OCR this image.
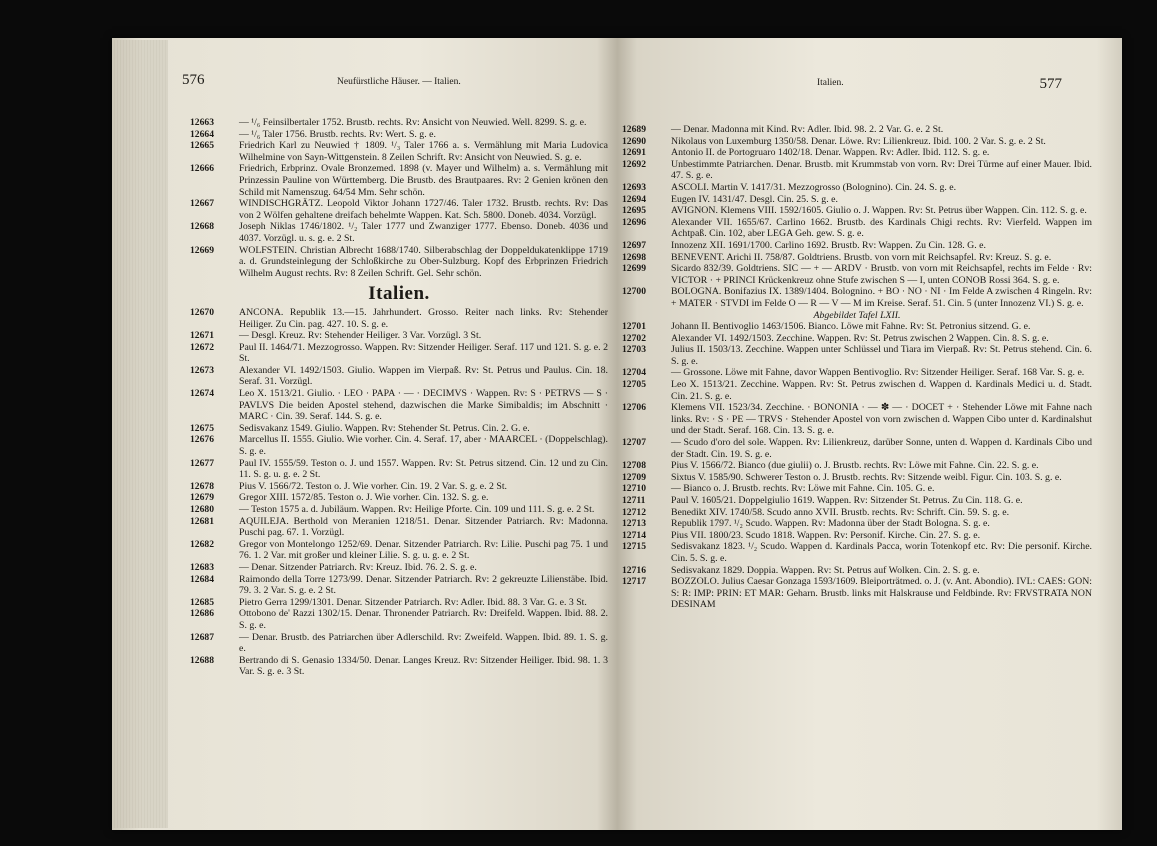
576	Neufürstliche Häuser. — Italien.
12663	— ¹/₆ Feinsilbertaler 1752. Brustb. rechts. Rv: Ansicht von Neuwied. Well. 8299. S. g. e.
12664	— ¹/₆ Taler 1756. Brustb. rechts. Rv: Wert. S. g. e.
12665	Friedrich Karl zu Neuwied † 1809. ¹/₃ Taler 1766 a. s. Vermählung mit Maria Ludovica Wilhelmine von Sayn-Wittgenstein. 8 Zeilen Schrift. Rv: Ansicht von Neuwied. S. g. e.
12666	Friedrich, Erbprinz. Ovale Bronzemed. 1898 (v. Mayer und Wilhelm) a. s. Vermählung mit Prinzessin Pauline von Württemberg. Die Brustb. des Brautpaares. Rv: 2 Genien krönen den Schild mit Namenszug. 64/54 Mm. Sehr schön.
12667	WINDISCHGRÄTZ. Leopold Viktor Johann 1727/46. Taler 1732. Brustb. rechts. Rv: Das von 2 Wölfen gehaltene dreifach behelmte Wappen. Kat. Sch. 5800. Doneb. 4034. Vorzügl.
12668	Joseph Niklas 1746/1802. ¹/₂ Taler 1777 und Zwanziger 1777. Ebenso. Doneb. 4036 und 4037. Vorzügl. u. s. g. e. 2 St.
12669	WOLFSTEIN. Christian Albrecht 1688/1740. Silberabschlag der Doppeldukatenklippe 1719 a. d. Grundsteinlegung der Schloßkirche zu Ober-Sulzburg. Kopf des Erbprinzen Friedrich Wilhelm August rechts. Rv: 8 Zeilen Schrift. Gel. Sehr schön.
Italien.
12670	ANCONA. Republik 13.—15. Jahrhundert. Grosso. Reiter nach links. Rv: Stehender Heiliger. Zu Cin. pag. 427. 10. S. g. e.
12671	— Desgl. Kreuz. Rv: Stehender Heiliger. 3 Var. Vorzügl. 3 St.
12672	Paul II. 1464/71. Mezzogrosso. Wappen. Rv: Sitzender Heiliger. Seraf. 117 und 121. S. g. e. 2 St.
12673	Alexander VI. 1492/1503. Giulio. Wappen im Vierpaß. Rv: St. Petrus und Paulus. Cin. 18. Seraf. 31. Vorzügl.
12674	Leo X. 1513/21. Giulio. · LEO · PAPA · — · DECIMVS · Wappen. Rv: S · PETRVS — S · PAVLVS Die beiden Apostel stehend, dazwischen die Marke Simibaldis; im Abschnitt · MARC · Cin. 39. Seraf. 144. S. g. e.
12675	Sedisvakanz 1549. Giulio. Wappen. Rv: Stehender St. Petrus. Cin. 2. G. e.
12676	Marcellus II. 1555. Giulio. Wie vorher. Cin. 4. Seraf. 17, aber · MAARCEL · (Doppelschlag). S. g. e.
12677	Paul IV. 1555/59. Teston o. J. und 1557. Wappen. Rv: St. Petrus sitzend. Cin. 12 und zu Cin. 11. S. g. u. g. e. 2 St.
12678	Pius V. 1566/72. Teston o. J. Wie vorher. Cin. 19. 2 Var. S. g. e. 2 St.
12679	Gregor XIII. 1572/85. Teston o. J. Wie vorher. Cin. 132. S. g. e.
12680	— Teston 1575 a. d. Jubiläum. Wappen. Rv: Heilige Pforte. Cin. 109 und 111. S. g. e. 2 St.
12681	AQUILEJA. Berthold von Meranien 1218/51. Denar. Sitzender Patriarch. Rv: Madonna. Puschi pag. 67. 1. Vorzügl.
12682	Gregor von Montelongo 1252/69. Denar. Sitzender Patriarch. Rv: Lilie. Puschi pag 75. 1 und 76. 1. 2 Var. mit großer und kleiner Lilie. S. g. u. g. e. 2 St.
12683	— Denar. Sitzender Patriarch. Rv: Kreuz. Ibid. 76. 2. S. g. e.
12684	Raimondo della Torre 1273/99. Denar. Sitzender Patriarch. Rv: 2 gekreuzte Lilienstäbe. Ibid. 79. 3. 2 Var. S. g. e. 2 St.
12685	Pietro Gerra 1299/1301. Denar. Sitzender Patriarch. Rv: Adler. Ibid. 88. 3 Var. G. e. 3 St.
12686	Ottobono de' Razzi 1302/15. Denar. Thronender Patriarch. Rv: Dreifeld. Wappen. Ibid. 88. 2. S. g. e.
12687	— Denar. Brustb. des Patriarchen über Adlerschild. Rv: Zweifeld. Wappen. Ibid. 89. 1. S. g. e.
12688	Bertrando di S. Genasio 1334/50. Denar. Langes Kreuz. Rv: Sitzender Heiliger. Ibid. 98. 1. 3 Var. S. g. e. 3 St.
577
Italien.
12689	— Denar. Madonna mit Kind. Rv: Adler. Ibid. 98. 2. 2 Var. G. e. 2 St.
12690	Nikolaus von Luxemburg 1350/58. Denar. Löwe. Rv: Lilienkreuz. Ibid. 100. 2 Var. S. g. e. 2 St.
12691	Antonio II. de Portogruaro 1402/18. Denar. Wappen. Rv: Adler. Ibid. 112. S. g. e.
12692	Unbestimmte Patriarchen. Denar. Brustb. mit Krummstab von vorn. Rv: Drei Türme auf einer Mauer. Ibid. 47. S. g. e.
12693	ASCOLI. Martin V. 1417/31. Mezzogrosso (Bolognino). Cin. 24. S. g. e.
12694	Eugen IV. 1431/47. Desgl. Cin. 25. S. g. e.
12695	AVIGNON. Klemens VIII. 1592/1605. Giulio o. J. Wappen. Rv: St. Petrus über Wappen. Cin. 112. S. g. e.
12696	Alexander VII. 1655/67. Carlino 1662. Brustb. des Kardinals Chigi rechts. Rv: Vierfeld. Wappen im Achtpaß. Cin. 102, aber LEGA Geh. gew. S. g. e.
12697	Innozenz XII. 1691/1700. Carlino 1692. Brustb. Rv: Wappen. Zu Cin. 128. G. e.
12698	BENEVENT. Arichi II. 758/87. Goldtriens. Brustb. von vorn mit Reichsapfel. Rv: Kreuz. S. g. e.
12699	Sicardo 832/39. Goldtriens. SIC — + — ARDV · Brustb. von vorn mit Reichsapfel, rechts im Felde · Rv: VICTOR · + PRINCI Krückenkreuz ohne Stufe zwischen S — I, unten CONOB Rossi 364. S. g. e.
12700	BOLOGNA. Bonifazius IX. 1389/1404. Bolognino. + BO · NO · NI · Im Felde A zwischen 4 Ringeln. Rv: + MATER · STVDI im Felde O — R — V — M im Kreise. Seraf. 51. Cin. 5 (unter Innozenz VI.) S. g. e.
Abgebildet Tafel LXII.
12701	Johann II. Bentivoglio 1463/1506. Bianco. Löwe mit Fahne. Rv: St. Petronius sitzend. G. e.
12702	Alexander VI. 1492/1503. Zecchine. Wappen. Rv: St. Petrus zwischen 2 Wappen. Cin. 8. S. g. e.
12703	Julius II. 1503/13. Zecchine. Wappen unter Schlüssel und Tiara im Vierpaß. Rv: St. Petrus stehend. Cin. 6. S. g. e.
12704	— Grossone. Löwe mit Fahne, davor Wappen Bentivoglio. Rv: Sitzender Heiliger. Seraf. 168 Var. S. g. e.
12705	Leo X. 1513/21. Zecchine. Wappen. Rv: St. Petrus zwischen d. Wappen d. Kardinals Medici u. d. Stadt. Cin. 21. S. g. e.
12706	Klemens VII. 1523/34. Zecchine. · BONONIA · — ✽ — · DOCET + · Stehender Löwe mit Fahne nach links. Rv: · S · PE — TRVS · Stehender Apostel von vorn zwischen d. Wappen Cibo unter d. Kardinalshut und der Stadt. Seraf. 168. Cin. 13. S. g. e.
12707	— Scudo d'oro del sole. Wappen. Rv: Lilienkreuz, darüber Sonne, unten d. Wappen d. Kardinals Cibo und der Stadt. Cin. 19. S. g. e.
12708	Pius V. 1566/72. Bianco (due giulii) o. J. Brustb. rechts. Rv: Löwe mit Fahne. Cin. 22. S. g. e.
12709	Sixtus V. 1585/90. Schwerer Teston o. J. Brustb. rechts. Rv: Sitzende weibl. Figur. Cin. 103. S. g. e.
12710	— Bianco o. J. Brustb. rechts. Rv: Löwe mit Fahne. Cin. 105. G. e.
12711	Paul V. 1605/21. Doppelgiulio 1619. Wappen. Rv: Sitzender St. Petrus. Zu Cin. 118. G. e.
12712	Benedikt XIV. 1740/58. Scudo anno XVII. Brustb. rechts. Rv: Schrift. Cin. 59. S. g. e.
12713	Republik 1797. ¹/₂ Scudo. Wappen. Rv: Madonna über der Stadt Bologna. S. g. e.
12714	Pius VII. 1800/23. Scudo 1818. Wappen. Rv: Personif. Kirche. Cin. 27. S. g. e.
12715	Sedisvakanz 1823. ¹/₂ Scudo. Wappen d. Kardinals Pacca, worin Totenkopf etc. Rv: Die personif. Kirche. Cin. 5. S. g. e.
12716	Sedisvakanz 1829. Doppia. Wappen. Rv: St. Petrus auf Wolken. Cin. 2. S. g. e.
12717	BOZZOLO. Julius Caesar Gonzaga 1593/1609. Bleiporträtmed. o. J. (v. Ant. Abondio). IVL: CAES: GON: S: R: IMP: PRIN: ET MAR: Geharn. Brustb. links mit Halskrause und Feldbinde. Rv: FRVSTRATA NON DESINAM
